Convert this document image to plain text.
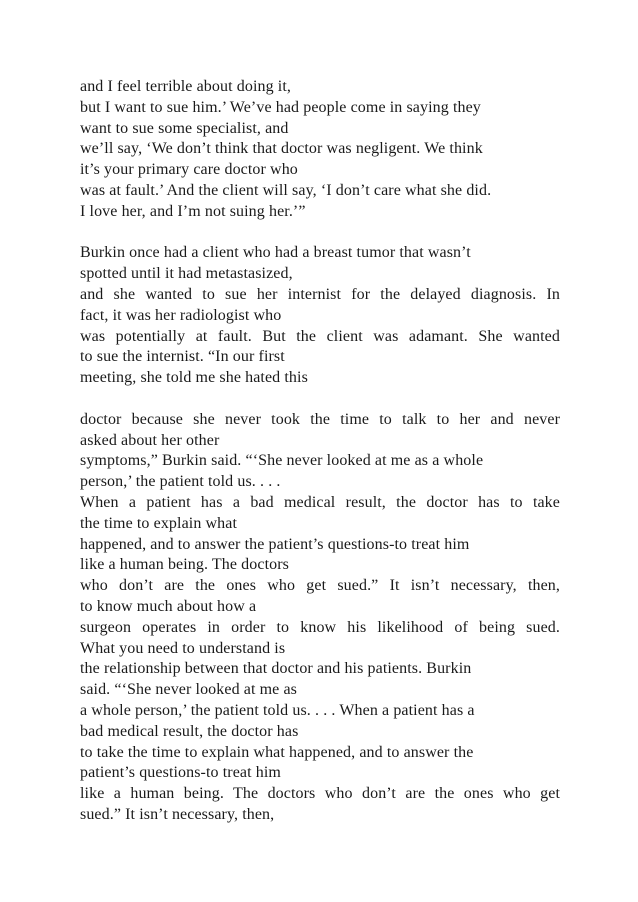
and I feel terrible about doing it,
but I want to sue him.’ We’ve had people come in saying they
want to sue some specialist, and
we’ll say, ‘We don’t think that doctor was negligent. We think
it’s your primary care doctor who
was at fault.’ And the client will say, ‘I don’t care what she did.
I love her, and I’m not suing her.’”
Burkin once had a client who had a breast tumor that wasn’t
spotted until it had metastasized,
and she wanted to sue her internist for the delayed diagnosis. In
fact, it was her radiologist who
was potentially at fault. But the client was adamant. She wanted
to sue the internist. “In our first
meeting, she told me she hated this
doctor because she never took the time to talk to her and never
asked about her other
symptoms,” Burkin said. “‘She never looked at me as a whole
person,’ the patient told us. . . .
When a patient has a bad medical result, the doctor has to take
the time to explain what
happened, and to answer the patient’s questions-to treat him
like a human being. The doctors
who don’t are the ones who get sued.” It isn’t necessary, then,
to know much about how a
surgeon operates in order to know his likelihood of being sued.
What you need to understand is
the relationship between that doctor and his patients. Burkin
said. “‘She never looked at me as
a whole person,’ the patient told us. . . . When a patient has a
bad medical result, the doctor has
to take the time to explain what happened, and to answer the
patient’s questions-to treat him
like a human being. The doctors who don’t are the ones who get
sued.” It isn’t necessary, then,
